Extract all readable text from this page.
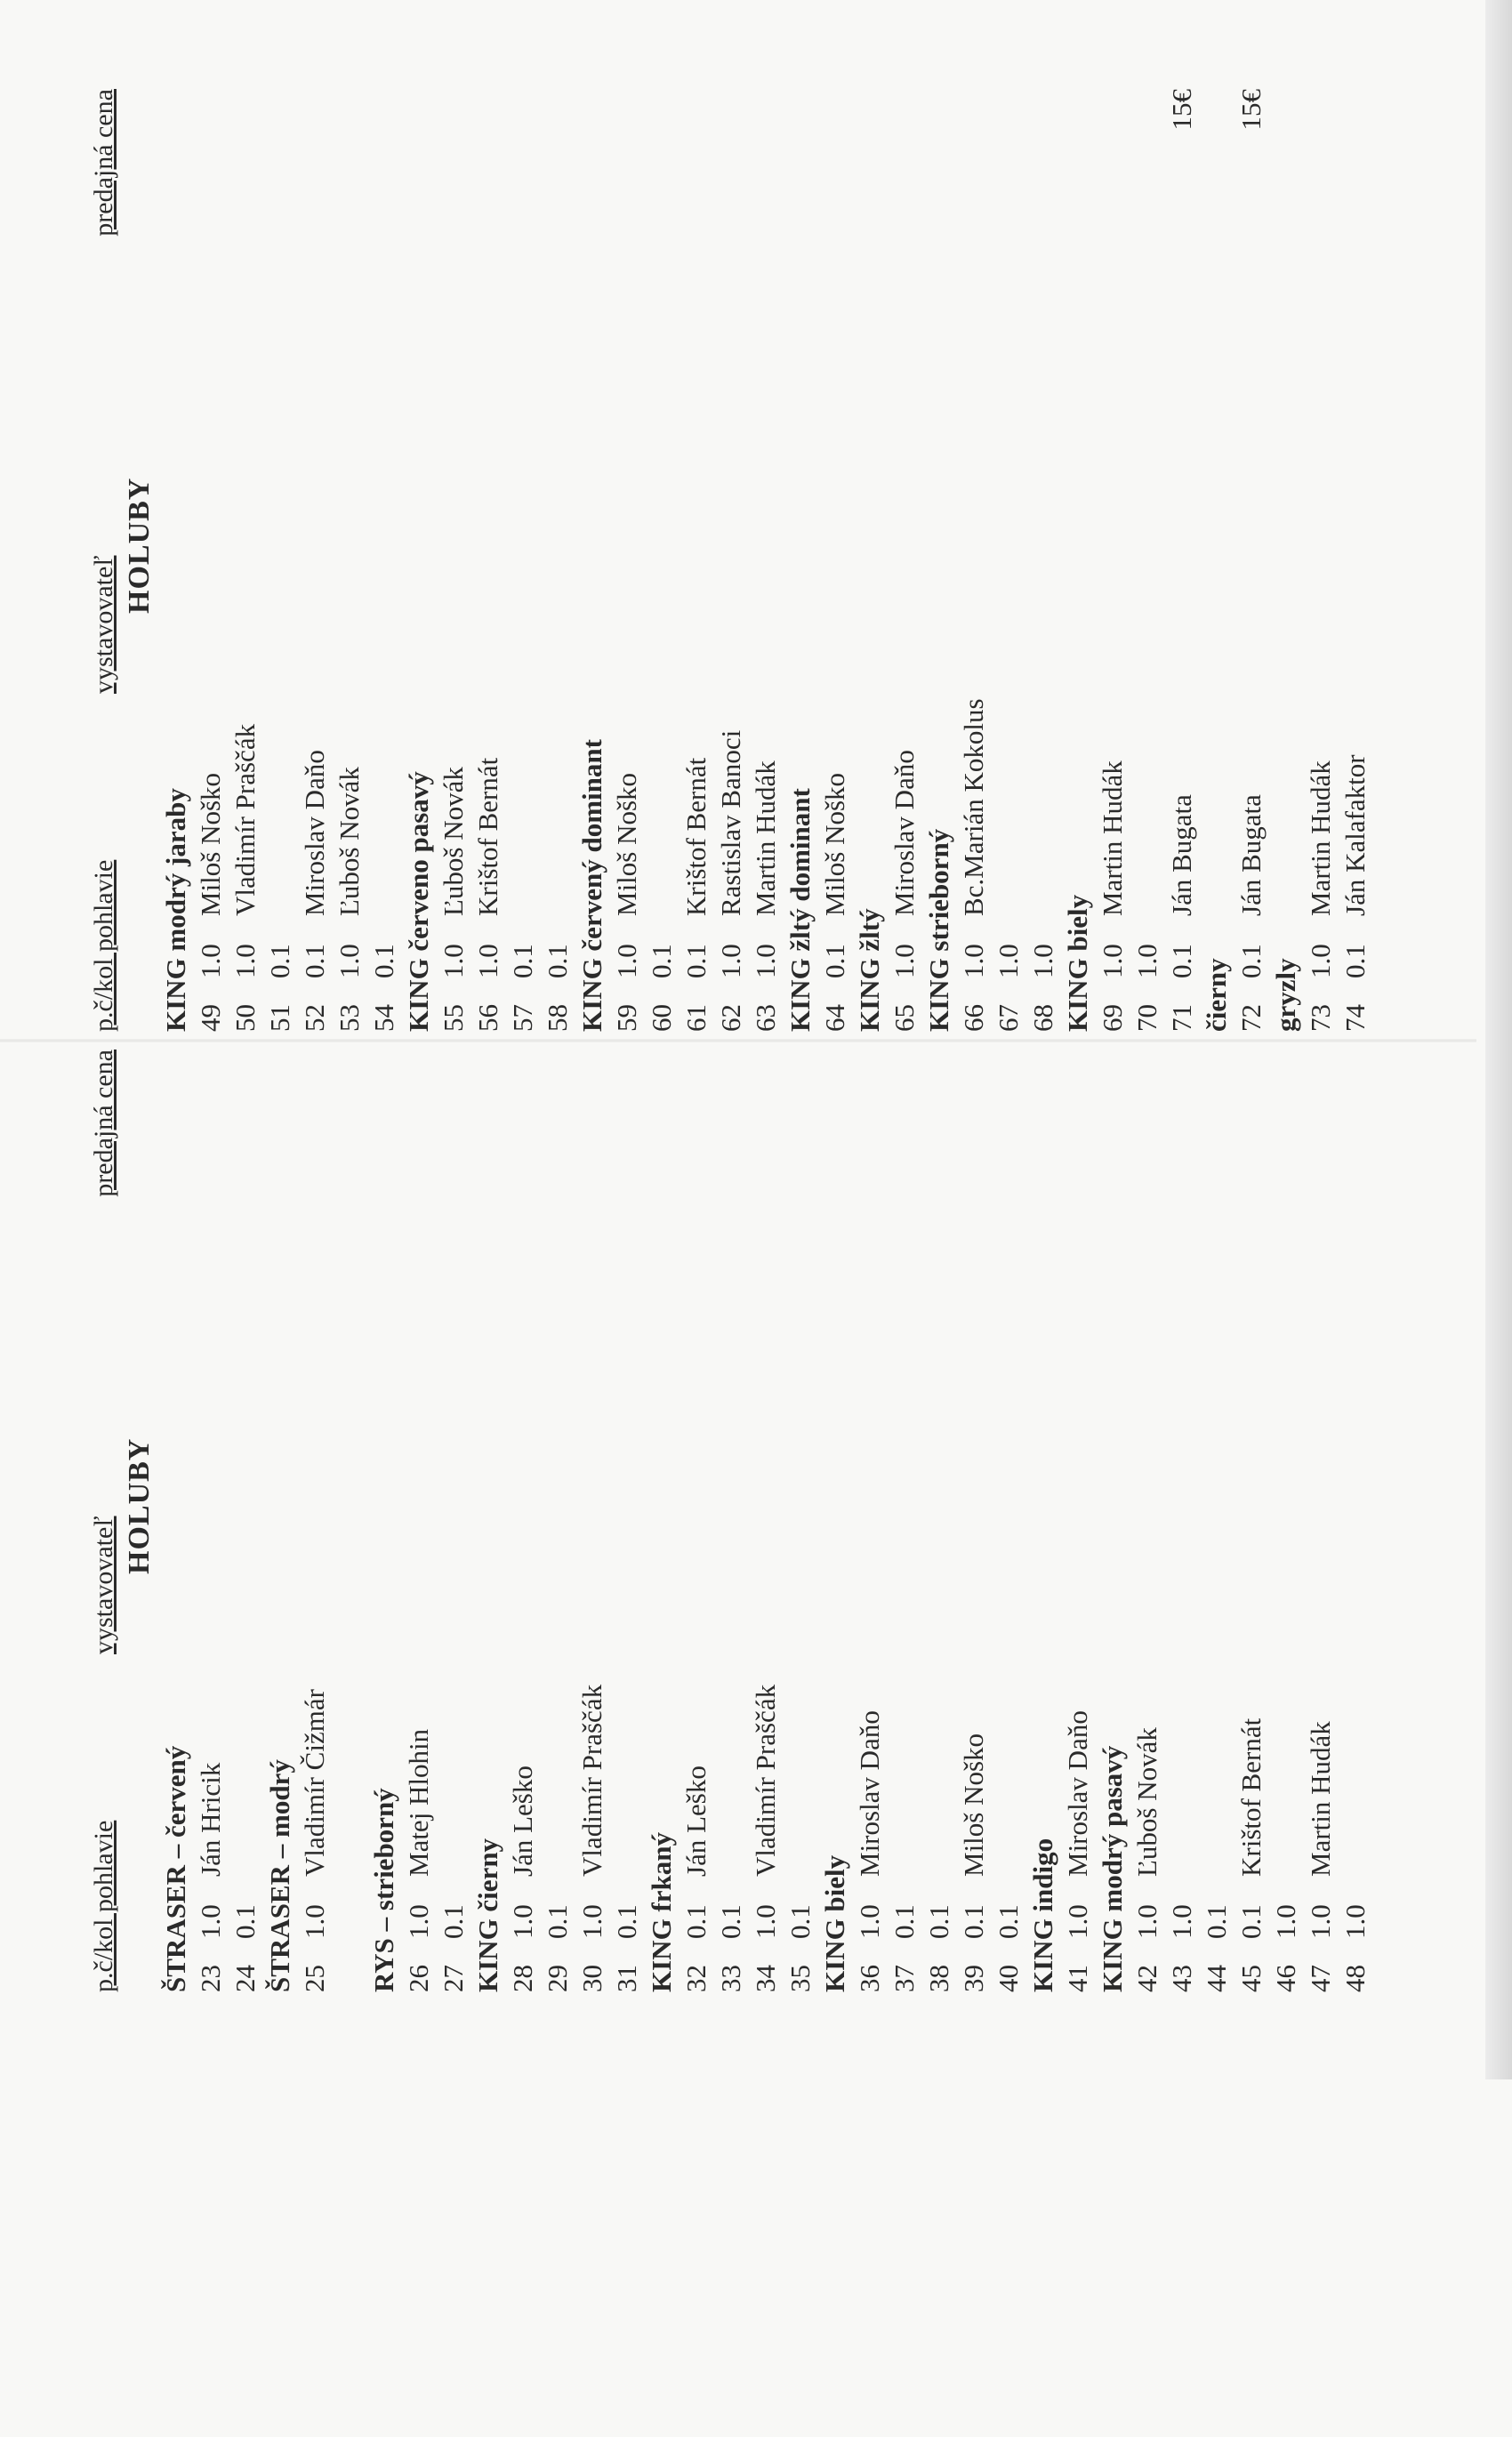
p.č/kol pohlavie
vystavovateľ
predajná cena
HOLUBY
KING modrý jaraby 49
1.0
Miloš Noško
50
1.0
Vladimír Praščák
51
0.1
52
0.1
Miroslav Daňo
53
1.0
Ľuboš Novák
54
0.1 KING červeno pasavý 55
1.0
Ľuboš Novák
56
1.0
Krištof Bernát
57
0.1
58
0.1 KING červený dominant 59
1.0
Miloš Noško
60
0.1
61
0.1
Krištof Bernát
62
1.0
Rastislav Banoci
63
1.0
Martin Hudák KING žltý dominant 64
0.1
Miloš Noško
KING žltý 65
1.0
Miroslav Daňo KING strieborný 66
1.0
Bc.Marián Kokolus
67
1.0
68
1.0 KING biely 69
1.0
Martin Hudák
70
1.0
71
0.1
Ján Bugata
15€
čierny 72
0.1
Ján Bugata
15€
gryzly 73
1.0
Martin Hudák
74
0.1
Ján Kalafaktor
p.č/kol pohlavie
vystavovateľ
predajná cena
HOLUBY
ŠTRASER – červený 23
1.0
Ján Hricik
24
0.1 ŠTRASER – modrý 25
1.0
Vladimír Čižmár
RYS – strieborný 26
1.0
Matej Hlohin
27
0.1 KING čierny 28
1.0
Ján Leško
29
0.1
30
1.0
Vladimír Praščák
31
0.1 KING frkaný 32
0.1
Ján Leško
33
0.1
34
1.0
Vladimír Praščák
35
0.1 KING biely 36
1.0
Miroslav Daňo
37
0.1
38
0.1
39
0.1
Miloš Noško
40
0.1 KING indigo 41
1.0
Miroslav Daňo KING modrý pasavý 42
1.0
Ľuboš Novák
43
1.0
44
0.1
45
0.1
Krištof Bernát
46
1.0
47
1.0
Martin Hudák
48
1.0
